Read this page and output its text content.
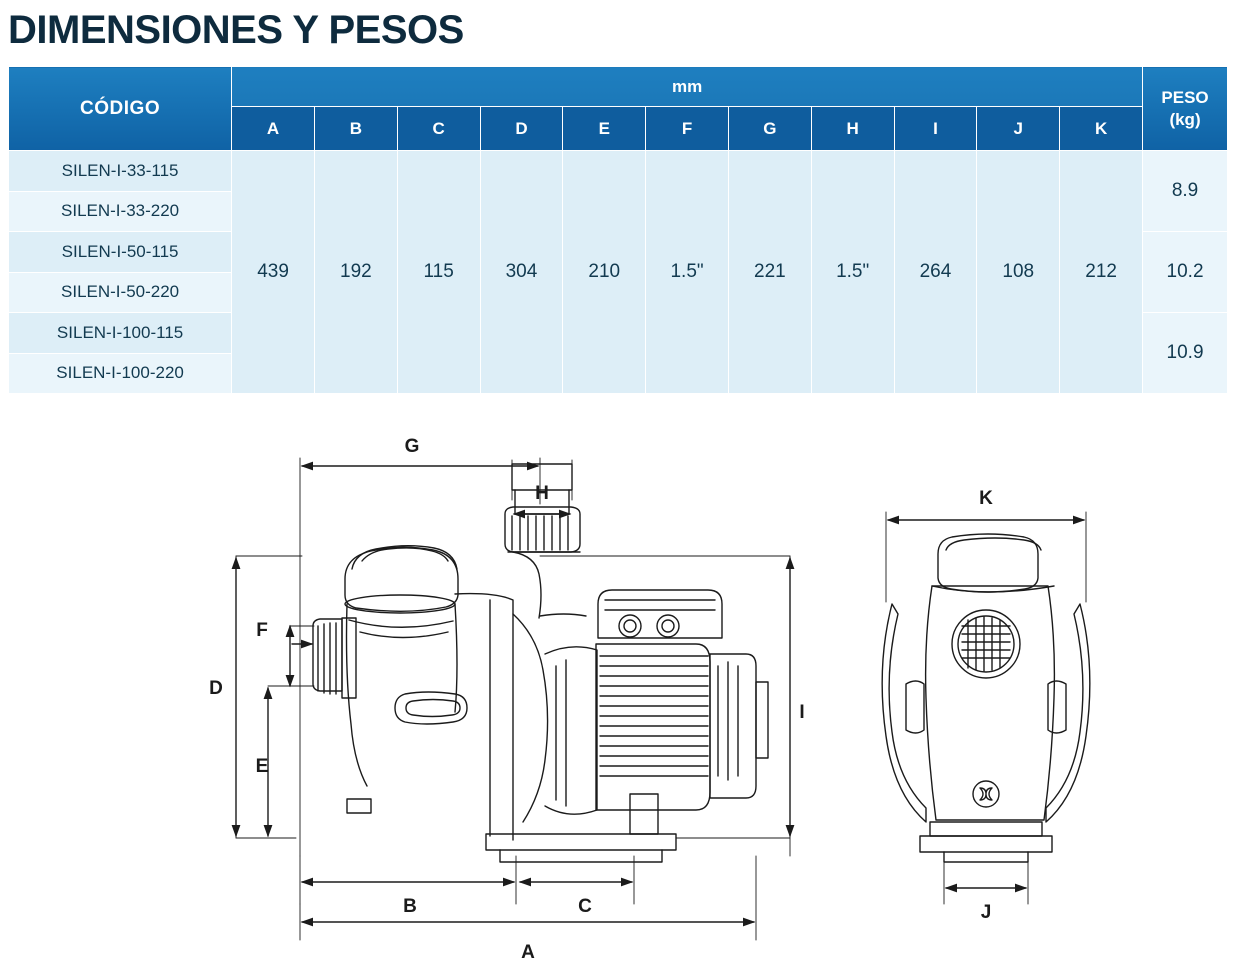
DIMENSIONES Y PESOS
CÓDIGO	mm											PESO
(kg)

	A	B	C	D	E	F	G	H	I	J	K	
SILEN-I-33-115	439	192	115	304	210	1.5"	221	1.5"	264	108	212	8.9
SILEN-I-33-220												
SILEN-I-50-115												10.2
SILEN-I-50-220												
SILEN-I-100-115												10.9
SILEN-I-100-220												
G
H
F
D
E
I
B	C
A
K
J
